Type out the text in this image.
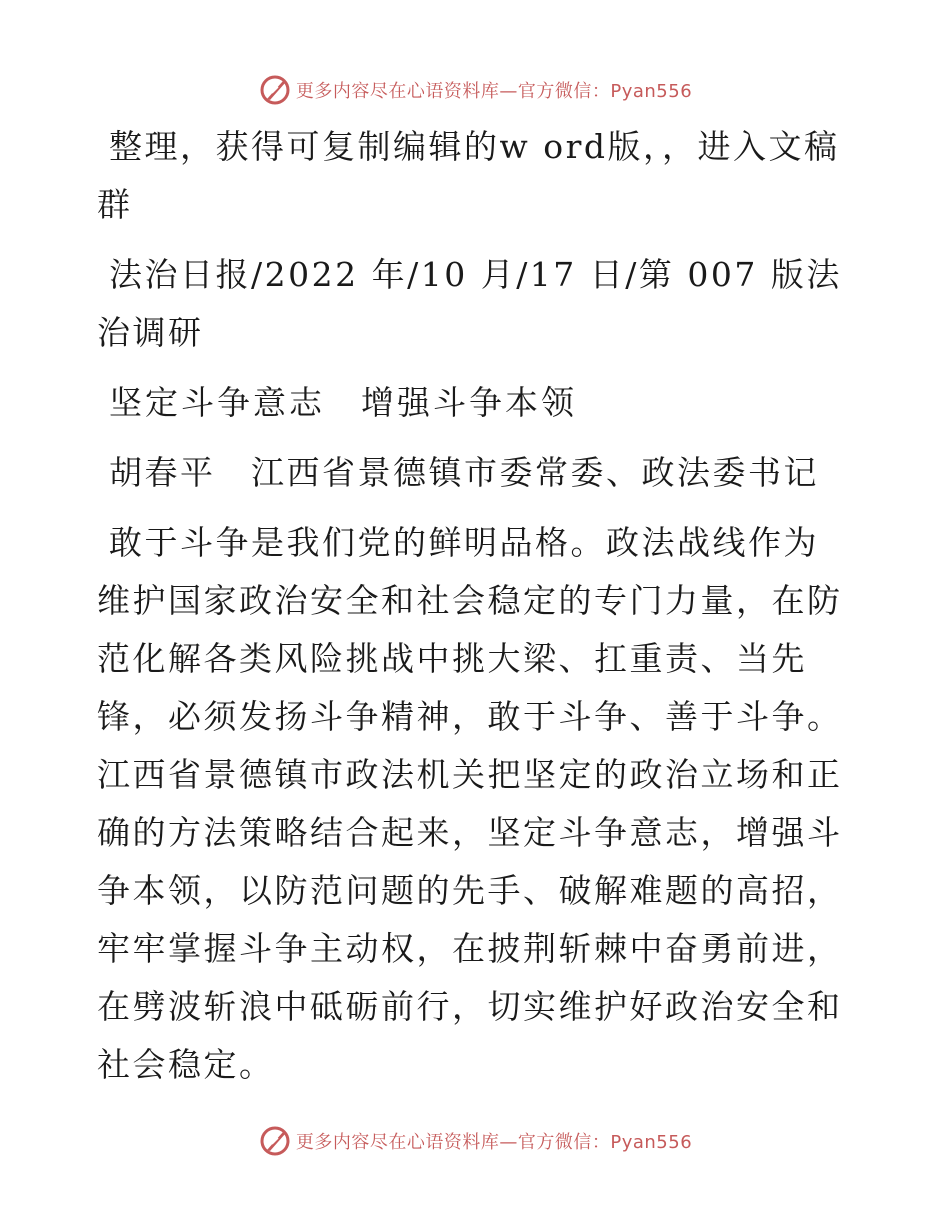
更多内容尽在心语资料库—官方微信：Pyan556

整理，获得可复制编辑的w ord版，，进入文稿群

法治日报/2022 年/10 月/17 日/第 007 版法治调研

坚定斗争意志　增强斗争本领

胡春平　江西省景德镇市委常委、政法委书记

敢于斗争是我们党的鲜明品格。政法战线作为维护国家政治安全和社会稳定的专门力量，在防范化解各类风险挑战中挑大梁、扛重责、当先锋，必须发扬斗争精神，敢于斗争、善于斗争。江西省景德镇市政法机关把坚定的政治立场和正确的方法策略结合起来，坚定斗争意志，增强斗争本领，以防范问题的先手、破解难题的高招，牢牢掌握斗争主动权，在披荆斩棘中奋勇前进，在劈波斩浪中砥砺前行，切实维护好政治安全和社会稳定。

更多内容尽在心语资料库—官方微信：Pyan556
